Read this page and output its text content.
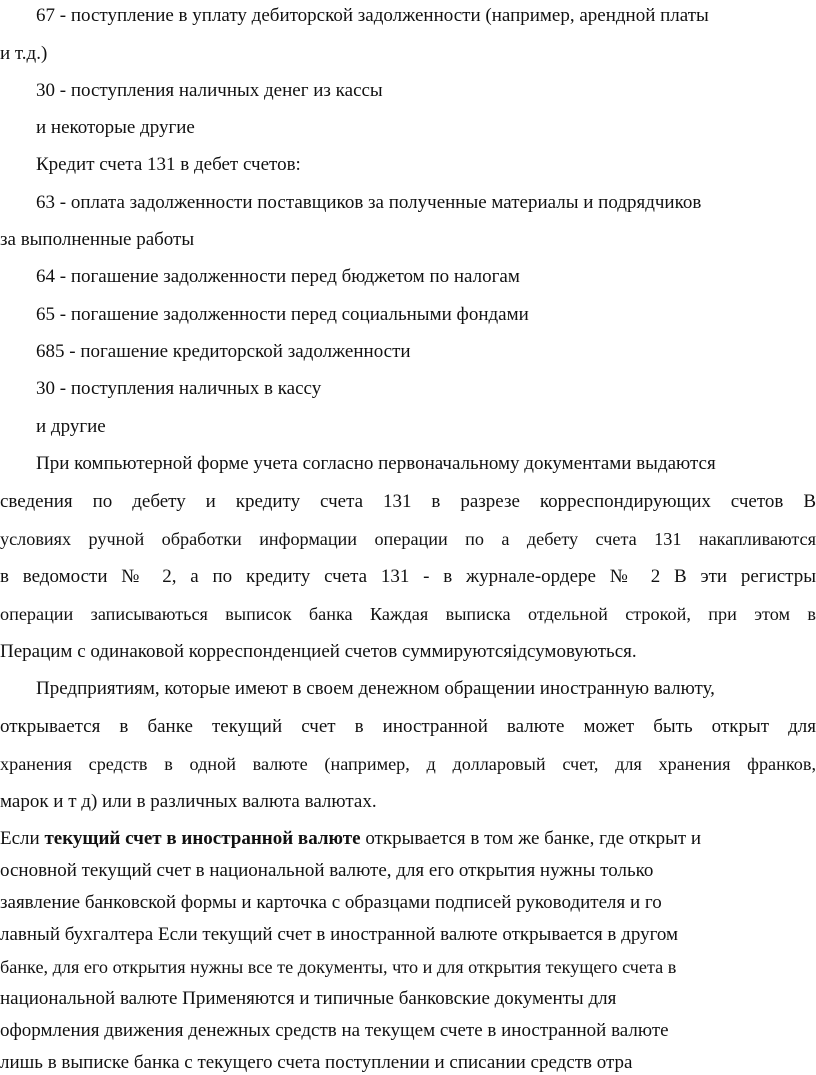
67 - поступление в уплату дебиторской задолженности (например, арендной платы
и т.д.)
30 - поступления наличных денег из кассы
и некоторые другие
Кредит счета 131 в дебет счетов:
63 - оплата задолженности поставщиков за полученные материалы и подрядчиков
за выполненные работы
64 - погашение задолженности перед бюджетом по налогам
65 - погашение задолженности перед социальными фондами
685 - погашение кредиторской задолженности
30 - поступления наличных в кассу
и другие
При компьютерной форме учета согласно первоначальному документами выдаются
сведения по дебету и кредиту счета 131 в разрезе корреспондирующих счетов В
условиях ручной обработки информации операции по а дебету счета 131 накапливаются
в ведомости № 2, а по кредиту счета 131 - в журнале-ордере № 2 В эти регистры
операции записываються выписок банка Каждая выписка отдельной строкой, при этом в
Перацим с одинаковой корреспонденцией счетов суммируютсяідсумовуються.
Предприятиям, которые имеют в своем денежном обращении иностранную валюту,
открывается в банке текущий счет в иностранной валюте может быть открыт для
хранения средств в одной валюте (например, д долларовый счет, для хранения франков,
марок и т д) или в различных валюта валютах.
Если текущий счет в иностранной валюте открывается в том же банке, где открыт и
основной текущий счет в национальной валюте, для его открытия нужны только
заявление банковской формы и карточка с образцами подписей руководителя и го
лавный бухгалтера Если текущий счет в иностранной валюте открывается в другом
банке, для его открытия нужны все те документы, что и для открытия текущего счета в
национальной валюте Применяются и типичные банковские документы для
оформления движения денежных средств на текущем счете в иностранной валюте
лишь в выписке банка с текущего счета поступлении и списании средств отра
